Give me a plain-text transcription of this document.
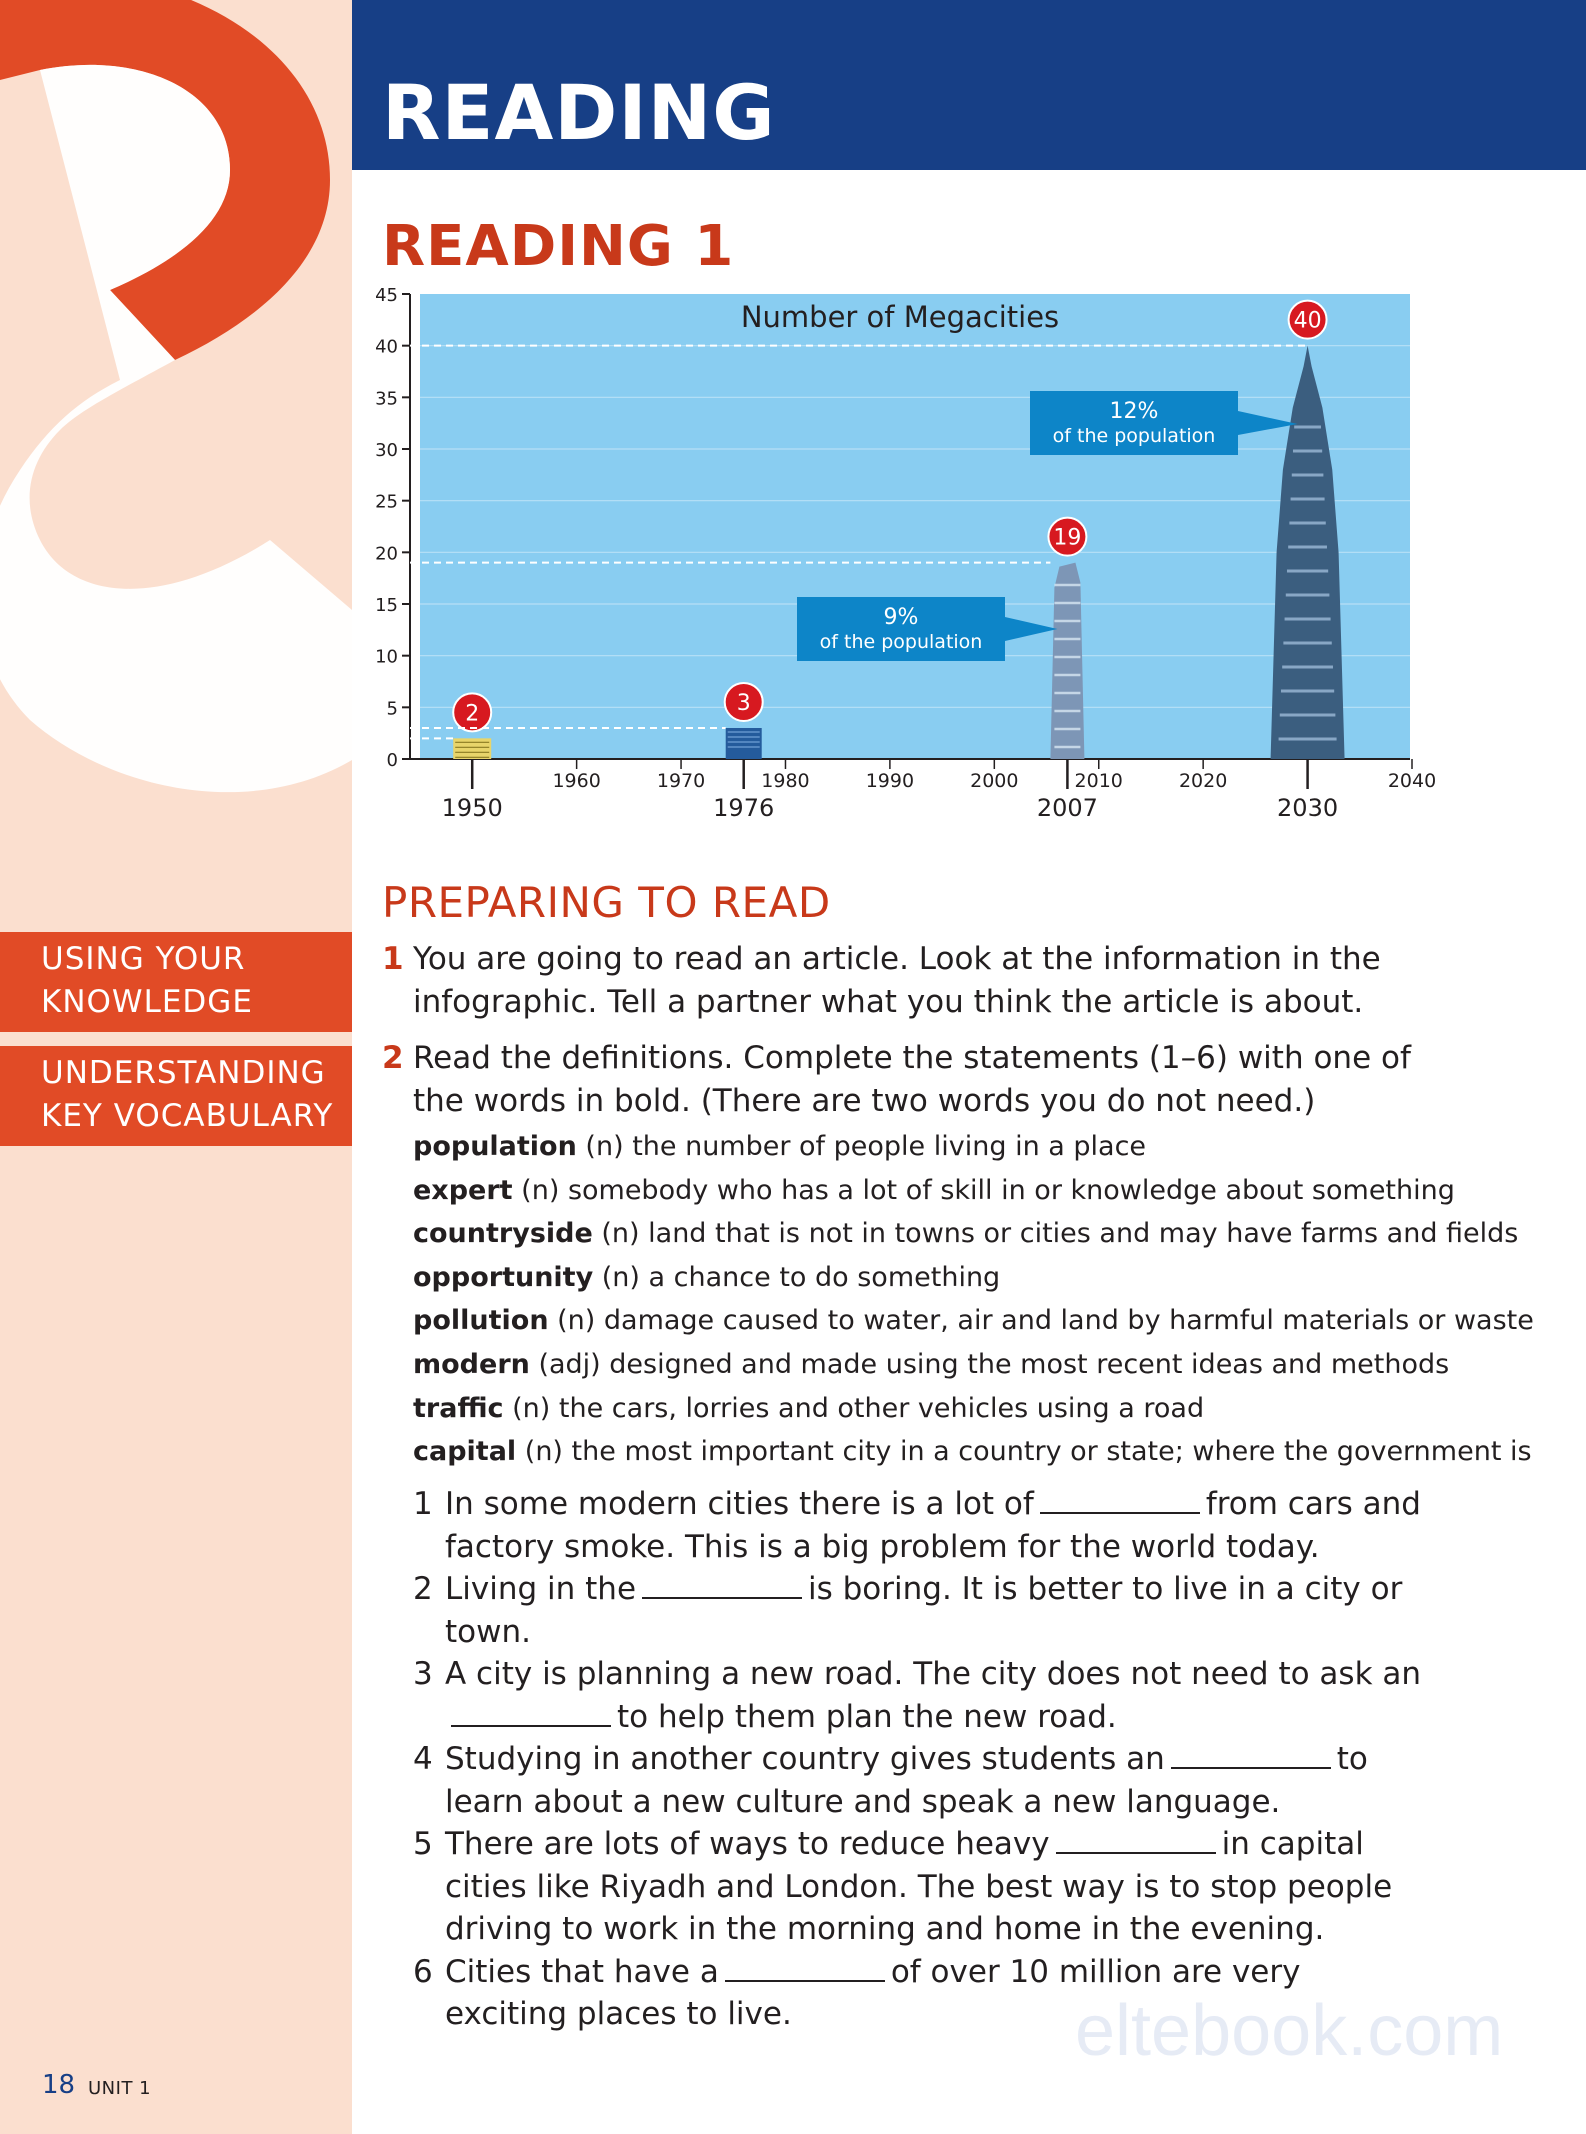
READING
READING 1
0
5
10
15
20
25
30
35
40
45
1960	1970	1980	1990	2000	2010	2020	2040
1950	1976	2007	2030
Number of Megacities
2	3
19
40
9%
of the population
12%
of the population
PREPARING TO READ
USING YOUR
KNOWLEDGE
UNDERSTANDING
KEY VOCABULARY
1 You are going to read an article. Look at the information in the infographic. Tell a partner what you think the article is about.
2 Read the definitions. Complete the statements (1–6) with one of the words in bold. (There are two words you do not need.)
population (n) the number of people living in a place
expert (n) somebody who has a lot of skill in or knowledge about something
countryside (n) land that is not in towns or cities and may have farms and fields
opportunity (n) a chance to do something
pollution (n) damage caused to water, air and land by harmful materials or waste
modern (adj) designed and made using the most recent ideas and methods
traffic (n) the cars, lorries and other vehicles using a road
capital (n) the most important city in a country or state; where the government is
1 In some modern cities there is a lot of	from cars and factory smoke. This is a big problem for the world today.
2 Living in the	is boring. It is better to live in a city or town.
3 A city is planning a new road. The city does not need to ask anto help them plan the new road.
4 Studying in another country gives students an	to learn about a new culture and speak a new language.
5 There are lots of ways to reduce heavy	in capital cities like Riyadh and London. The best way is to stop people driving to work in the morning and home in the evening.
6 Cities that have a	of over 10 million are very exciting places to live.	eltebook.com
18 UNIT 1
